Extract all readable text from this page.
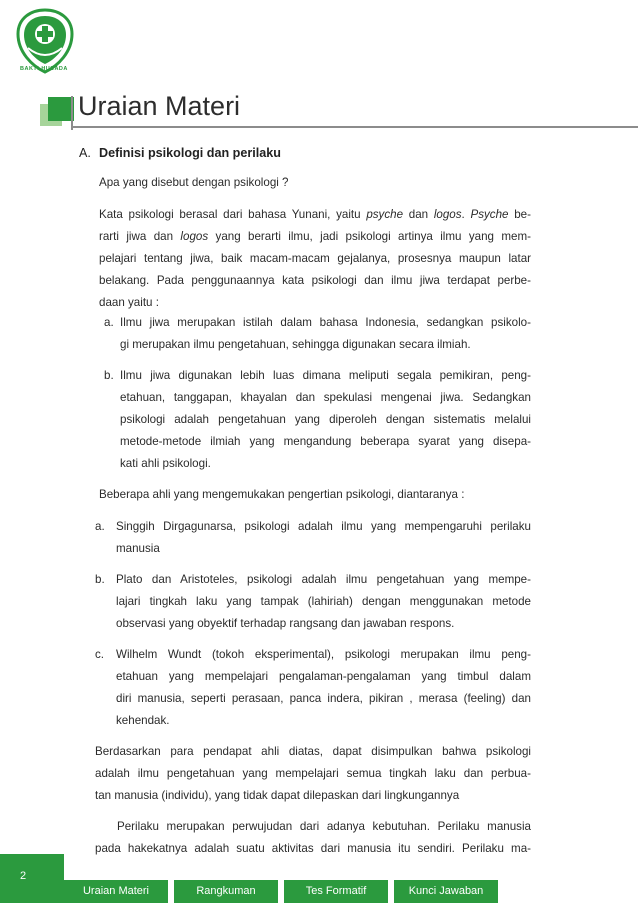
BAKTI HUSADA
Uraian Materi
A. Definisi psikologi dan perilaku

Apa yang disebut dengan psikologi ?

Kata psikologi berasal dari bahasa Yunani, yaitu psyche dan logos. Psyche be-

rarti jiwa dan logos yang berarti ilmu, jadi psikologi artinya ilmu yang mem-

pelajari tentang jiwa, baik macam-macam gejalanya, prosesnya maupun latar

belakang. Pada penggunaannya kata psikologi dan ilmu jiwa terdapat perbe-

daan yaitu :

a. Ilmu jiwa merupakan istilah dalam bahasa Indonesia, sedangkan psikolo-

gi merupakan ilmu pengetahuan, sehingga digunakan secara ilmiah.

b. Ilmu jiwa digunakan lebih luas dimana meliputi segala pemikiran, peng-

etahuan, tanggapan, khayalan dan spekulasi mengenai jiwa. Sedangkan

psikologi adalah pengetahuan yang diperoleh dengan sistematis melalui

metode-metode ilmiah yang mengandung beberapa syarat yang disepa-

kati ahli psikologi.

Beberapa ahli yang mengemukakan pengertian psikologi, diantaranya :

a. Singgih Dirgagunarsa, psikologi adalah ilmu yang mempengaruhi perilaku

manusia

b. Plato dan Aristoteles, psikologi adalah ilmu pengetahuan yang mempe-

lajari tingkah laku yang tampak (lahiriah) dengan menggunakan metode

observasi yang obyektif terhadap rangsang dan jawaban respons.

c. Wilhelm Wundt (tokoh eksperimental), psikologi merupakan ilmu peng-

etahuan yang mempelajari pengalaman-pengalaman yang timbul dalam

diri manusia, seperti perasaan, panca indera, pikiran , merasa (feeling) dan

kehendak.

Berdasarkan para pendapat ahli diatas, dapat disimpulkan bahwa psikologi

adalah ilmu pengetahuan yang mempelajari semua tingkah laku dan perbua-

tan manusia (individu), yang tidak dapat dilepaskan dari lingkungannya

Perilaku merupakan perwujudan dari adanya kebutuhan. Perilaku manusia

pada hakekatnya adalah suatu aktivitas dari manusia itu sendiri. Perilaku ma-

2
Uraian Materi	Rangkuman	Tes Formatif	Kunci Jawaban
